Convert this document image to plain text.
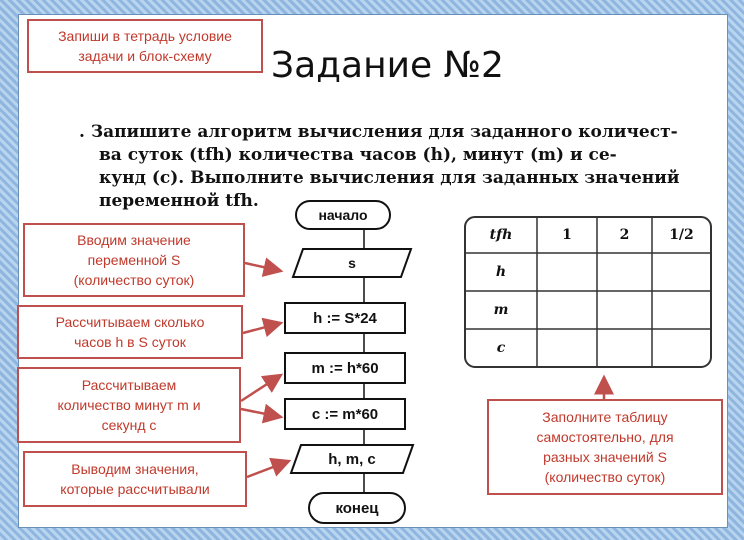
Задание №2
. Запишите алгоритм вычисления для заданного количест-
ва суток (tfh) количества часов (h), минут (m) и се-
кунд (c). Выполните вычисления для заданных значений
переменной tfh.
начало
s
h := S*24
m := h*60
c := m*60
h, m, c
конец
tfh	1	2	1/2
h
m
c
Запиши в тетрадь условие
задачи и блок-схему
Вводим значение
переменной S
(количество суток)
Рассчитываем сколько
часов h в S суток
Рассчитываем
количество минут m и
секунд c
Выводим значения,
которые рассчитывали
Заполните таблицу
самостоятельно, для
разных значений S
(количество суток)
